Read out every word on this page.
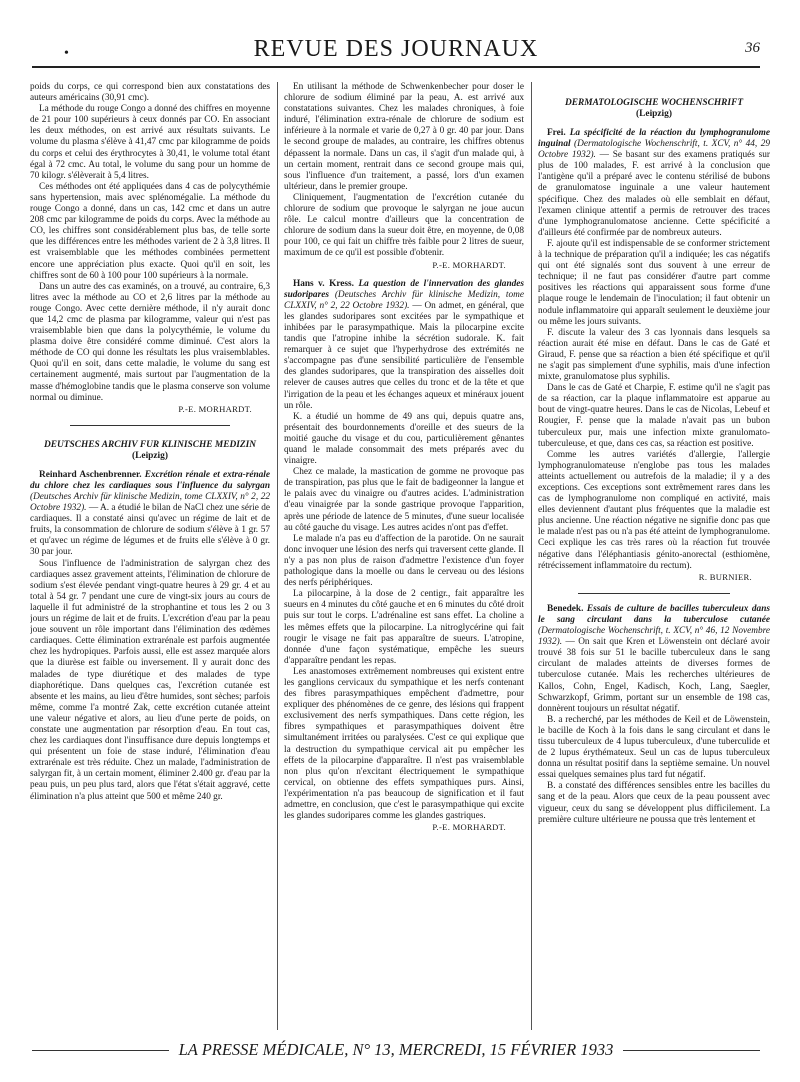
•	REVUE DES JOURNAUX	36

poids du corps, ce qui correspond bien aux constatations des auteurs américains (30,91 cmc).

La méthode du rouge Congo a donné des chiffres en moyenne de 21 pour 100 supérieurs à ceux donnés par CO. En associant les deux méthodes, on est arrivé aux résultats suivants. Le volume du plasma s'élève à 41,47 cmc par kilogramme de poids du corps et celui des érythrocytes à 30,41, le volume total étant égal à 72 cmc. Au total, le volume du sang pour un homme de 70 kilogr. s'élèverait à 5,4 litres.

Ces méthodes ont été appliquées dans 4 cas de polycythémie sans hypertension, mais avec splénomégalie. La méthode du rouge Congo a donné, dans un cas, 142 cmc et dans un autre 208 cmc par kilogramme de poids du corps. Avec la méthode au CO, les chiffres sont considérablement plus bas, de telle sorte que les différences entre les méthodes varient de 2 à 3,8 litres. Il est vraisemblable que les méthodes combinées permettent encore une appréciation plus exacte. Quoi qu'il en soit, les chiffres sont de 60 à 100 pour 100 supérieurs à la normale.

Dans un autre des cas examinés, on a trouvé, au contraire, 6,3 litres avec la méthode au CO et 2,6 litres par la méthode au rouge Congo. Avec cette dernière méthode, il n'y aurait donc que 14,2 cmc de plasma par kilogramme, valeur qui n'est pas vraisemblable bien que dans la polycythémie, le volume du plasma doive être considéré comme diminué. C'est alors la méthode de CO qui donne les résultats les plus vraisemblables. Quoi qu'il en soit, dans cette maladie, le volume du sang est certainement augmenté, mais surtout par l'augmentation de la masse d'hémoglobine tandis que le plasma conserve son volume normal ou diminue.

P.-E. MORHARDT.
DEUTSCHES ARCHIV FUR KLINISCHE MEDIZIN
(Leipzig)

Reinhard Aschenbrenner. Excrétion rénale et extra-rénale du chlore chez les cardiaques sous l'influence du salyrgan (Deutsches Archiv für klinische Medizin, tome CLXXIV, n° 2, 22 Octobre 1932). — A. a étudié le bilan de NaCl chez une série de cardiaques. Il a constaté ainsi qu'avec un régime de lait et de fruits, la consommation de chlorure de sodium s'élève à 1 gr. 57 et qu'avec un régime de légumes et de fruits elle s'élève à 0 gr. 30 par jour.

Sous l'influence de l'administration de salyrgan chez des cardiaques assez gravement atteints, l'élimination de chlorure de sodium s'est élevée pendant vingt-quatre heures à 29 gr. 4 et au total à 54 gr. 7 pendant une cure de vingt-six jours au cours de laquelle il fut administré de la strophantine et tous les 2 ou 3 jours un régime de lait et de fruits. L'excrétion d'eau par la peau joue souvent un rôle important dans l'élimination des œdèmes cardiaques. Cette élimination extrarénale est parfois augmentée chez les hydropiques. Parfois aussi, elle est assez marquée alors que la diurèse est faible ou inversement. Il y aurait donc des malades de type diurétique et des malades de type diaphorétique. Dans quelques cas, l'excrétion cutanée est absente et les mains, au lieu d'être humides, sont sèches; parfois même, comme l'a montré Zak, cette excrétion cutanée atteint une valeur négative et alors, au lieu d'une perte de poids, on constate une augmentation par résorption d'eau. En tout cas, chez les cardiaques dont l'insuffisance dure depuis longtemps et qui présentent un foie de stase induré, l'élimination d'eau extrarénale est très réduite. Chez un malade, l'administration de salyrgan fit, à un certain moment, éliminer 2.400 gr. d'eau par la peau puis, un peu plus tard, alors que l'état s'était aggravé, cette élimination n'a plus atteint que 500 et même 240 gr.

En utilisant la méthode de Schwenkenbecher pour doser le chlorure de sodium éliminé par la peau, A. est arrivé aux constatations suivantes. Chez les malades chroniques, à foie induré, l'élimination extra-rénale de chlorure de sodium est inférieure à la normale et varie de 0,27 à 0 gr. 40 par jour. Dans le second groupe de malades, au contraire, les chiffres obtenus dépassent la normale. Dans un cas, il s'agit d'un malade qui, à un certain moment, rentrait dans ce second groupe mais qui, sous l'influence d'un traitement, a passé, lors d'un examen ultérieur, dans le premier groupe.

Cliniquement, l'augmentation de l'excrétion cutanée du chlorure de sodium que provoque le salyrgan ne joue aucun rôle. Le calcul montre d'ailleurs que la concentration de chlorure de sodium dans la sueur doit être, en moyenne, de 0,08 pour 100, ce qui fait un chiffre très faible pour 2 litres de sueur, maximum de ce qu'il est possible d'obtenir.

P.-E. MORHARDT.

Hans v. Kress. La question de l'innervation des glandes sudoripares (Deutsches Archiv für klinische Medizin, tome CLXXIV, n° 2, 22 Octobre 1932). — On admet, en général, que les glandes sudoripares sont excitées par le sympathique et inhibées par le parasympathique. Mais la pilocarpine excite tandis que l'atropine inhibe la sécrétion sudorale. K. fait remarquer à ce sujet que l'hyperhydrose des extrémités ne s'accompagne pas d'une sensibilité particulière de l'ensemble des glandes sudoripares, que la transpiration des aisselles doit relever de causes autres que celles du tronc et de la tête et que l'irrigation de la peau et les échanges aqueux et minéraux jouent un rôle.

K. a étudié un homme de 49 ans qui, depuis quatre ans, présentait des bourdonnements d'oreille et des sueurs de la moitié gauche du visage et du cou, particulièrement gênantes quand le malade consommait des mets préparés avec du vinaigre.

Chez ce malade, la mastication de gomme ne provoque pas de transpiration, pas plus que le fait de badigeonner la langue et le palais avec du vinaigre ou d'autres acides. L'administration d'eau vinaigrée par la sonde gastrique provoque l'apparition, après une période de latence de 5 minutes, d'une sueur localisée au côté gauche du visage. Les autres acides n'ont pas d'effet.

Le malade n'a pas eu d'affection de la parotide. On ne saurait donc invoquer une lésion des nerfs qui traversent cette glande. Il n'y a pas non plus de raison d'admettre l'existence d'un foyer pathologique dans la moelle ou dans le cerveau ou des lésions des nerfs périphériques.

La pilocarpine, à la dose de 2 centigr., fait apparaître les sueurs en 4 minutes du côté gauche et en 6 minutes du côté droit puis sur tout le corps. L'adrénaline est sans effet. La choline a les mêmes effets que la pilocarpine. La nitroglycérine qui fait rougir le visage ne fait pas apparaître de sueurs. L'atropine, donnée d'une façon systématique, empêche les sueurs d'apparaître pendant les repas.

Les anastomoses extrêmement nombreuses qui existent entre les ganglions cervicaux du sympathique et les nerfs contenant des fibres parasympathiques empêchent d'admettre, pour expliquer des phénomènes de ce genre, des lésions qui frappent exclusivement des nerfs sympathiques. Dans cette région, les fibres sympathiques et parasympathiques doivent être simultanément irritées ou paralysées. C'est ce qui explique que la destruction du sympathique cervical ait pu empêcher les effets de la pilocarpine d'apparaître. Il n'est pas vraisemblable non plus qu'on n'excitant électriquement le sympathique cervical, on obtienne des effets sympathiques purs. Ainsi, l'expérimentation n'a pas beaucoup de signification et il faut admettre, en conclusion, que c'est le parasympathique qui excite les glandes sudoripares comme les glandes gastriques.

P.-E. MORHARDT.
DERMATOLOGISCHE WOCHENSCHRIFT
(Leipzig)

Frei. La spécificité de la réaction du lymphogranulome inguinal (Dermatologische Wochenschrift, t. XCV, n° 44, 29 Octobre 1932). — Se basant sur des examens pratiqués sur plus de 100 malades, F. est arrivé à la conclusion que l'antigène qu'il a préparé avec le contenu stérilisé de bubons de granulomatose inguinale a une valeur hautement spécifique. Chez des malades où elle semblait en défaut, l'examen clinique attentif a permis de retrouver des traces d'une lymphogranulomatose ancienne. Cette spécificité a d'ailleurs été confirmée par de nombreux auteurs.

F. ajoute qu'il est indispensable de se conformer strictement à la technique de préparation qu'il a indiquée; les cas négatifs qui ont été signalés sont dus souvent à une erreur de technique; il ne faut pas considérer d'autre part comme positives les réactions qui apparaissent sous forme d'une plaque rouge le lendemain de l'inoculation; il faut obtenir un nodule inflammatoire qui apparaît seulement le deuxième jour ou même les jours suivants.

F. discute la valeur des 3 cas lyonnais dans lesquels sa réaction aurait été mise en défaut. Dans le cas de Gaté et Giraud, F. pense que sa réaction a bien été spécifique et qu'il ne s'agit pas simplement d'une syphilis, mais d'une infection mixte, granulomatose plus syphilis.

Dans le cas de Gaté et Charpie, F. estime qu'il ne s'agit pas de sa réaction, car la plaque inflammatoire est apparue au bout de vingt-quatre heures. Dans le cas de Nicolas, Lebeuf et Rougier, F. pense que la malade n'avait pas un bubon tuberculeux pur, mais une infection mixte granulomato-tuberculeuse, et que, dans ces cas, sa réaction est positive.

Comme les autres variétés d'allergie, l'allergie lymphogranulomateuse n'englobe pas tous les malades atteints actuellement ou autrefois de la maladie; il y a des exceptions. Ces exceptions sont extrêmement rares dans les cas de lymphogranulome non compliqué en activité, mais elles deviennent d'autant plus fréquentes que la maladie est plus ancienne. Une réaction négative ne signifie donc pas que le malade n'est pas ou n'a pas été atteint de lymphogranulome. Ceci explique les cas très rares où la réaction fut trouvée négative dans l'éléphantiasis génito-anorectal (esthiomène, rétrécissement inflammatoire du rectum).

R. BURNIER.

Benedek. Essais de culture de bacilles tuberculeux dans le sang circulant dans la tuberculose cutanée (Dermatologische Wochenschrift, t. XCV, n° 46, 12 Novembre 1932). — On sait que Kren et Löwenstein ont déclaré avoir trouvé 38 fois sur 51 le bacille tuberculeux dans le sang circulant de malades atteints de diverses formes de tuberculose cutanée. Mais les recherches ultérieures de Kallos, Cohn, Engel, Kadisch, Koch, Lang, Saegler, Schwarzkopf, Grimm, portant sur un ensemble de 198 cas, donnèrent toujours un résultat négatif.

B. a recherché, par les méthodes de Keil et de Löwenstein, le bacille de Koch à la fois dans le sang circulant et dans le tissu tuberculeux de 4 lupus tuberculeux, d'une tuberculide et de 2 lupus érythémateux. Seul un cas de lupus tuberculeux donna un résultat positif dans la septième semaine. Un nouvel essai quelques semaines plus tard fut négatif.

B. a constaté des différences sensibles entre les bacilles du sang et de la peau. Alors que ceux de la peau poussent avec vigueur, ceux du sang se développent plus difficilement. La première culture ultérieure ne poussa que très lentement et

LA PRESSE MÉDICALE, N° 13, MERCREDI, 15 FÉVRIER 1933
